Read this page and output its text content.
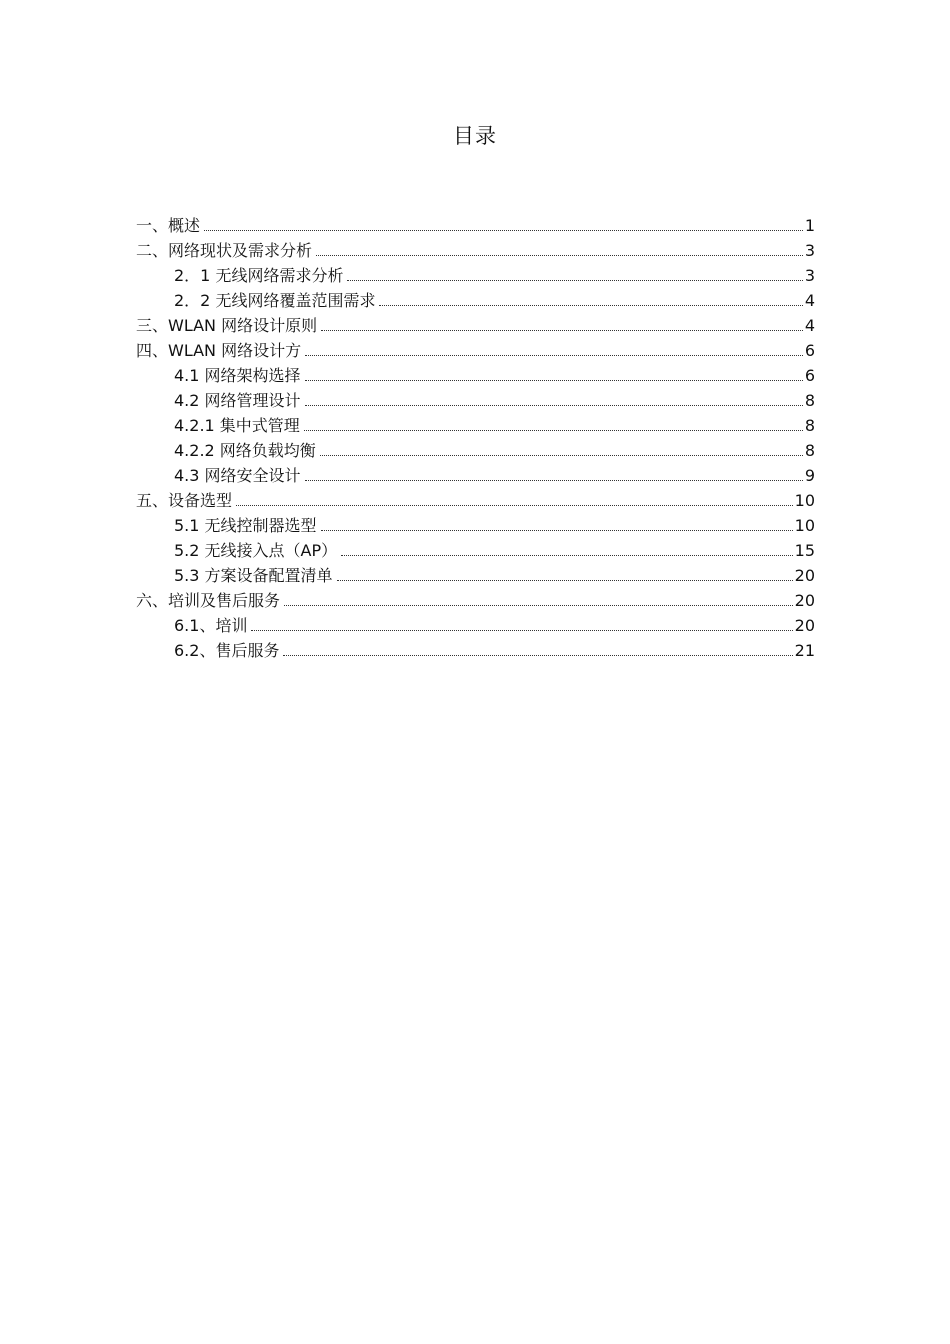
目录
一、概述	1
二、网络现状及需求分析	3
2．1 无线网络需求分析	3
2．2 无线网络覆盖范围需求	4
三、WLAN 网络设计原则	4
四、WLAN 网络设计方	6
4.1 网络架构选择	6
4.2 网络管理设计	8
4.2.1 集中式管理	8
4.2.2 网络负载均衡	8
4.3 网络安全设计	9
五、设备选型	10
5.1 无线控制器选型	10
5.2 无线接入点（AP）	15
5.3 方案设备配置清单	20
六、培训及售后服务	20
6.1、培训	20
6.2、售后服务	21
